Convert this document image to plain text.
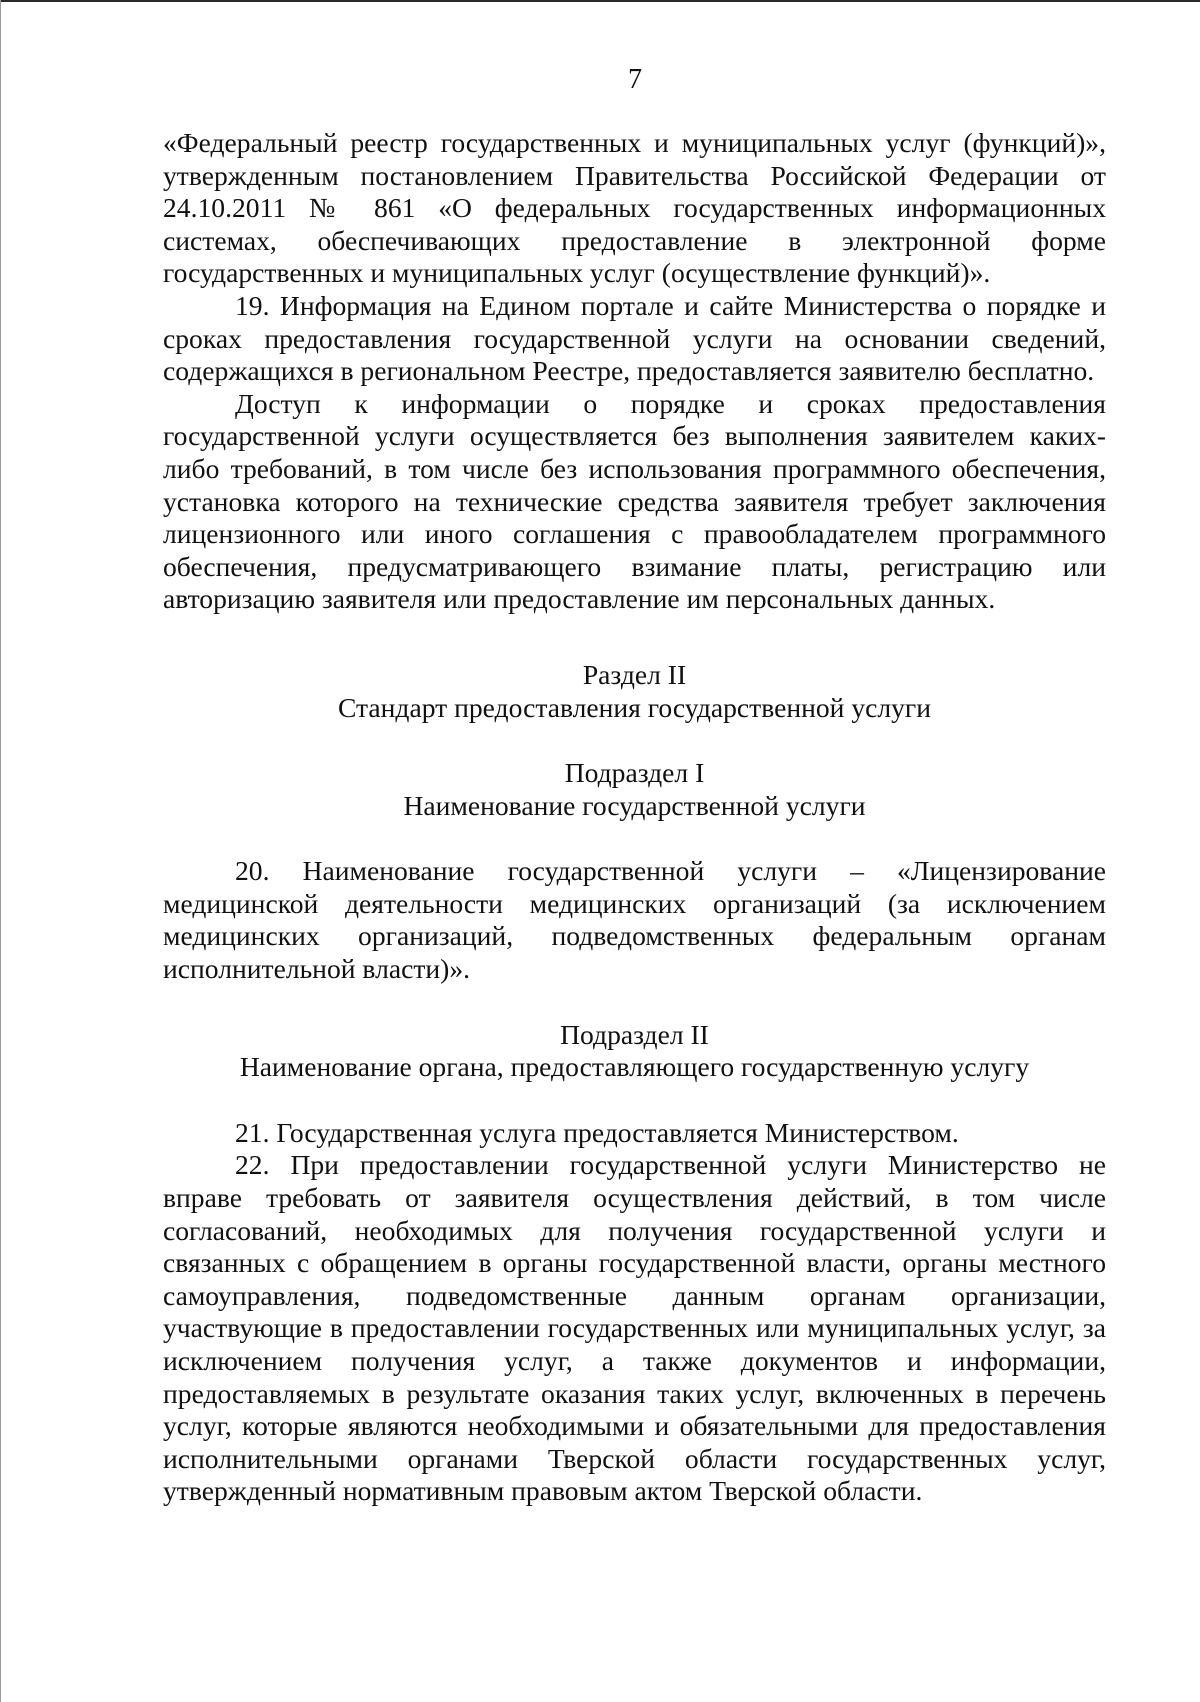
7

«Федеральный реестр государственных и муниципальных услуг (функций)», утвержденным постановлением Правительства Российской Федерации от 24.10.2011 № 861 «О федеральных государственных информационных системах, обеспечивающих предоставление в электронной форме государственных и муниципальных услуг (осуществление функций)».

19. Информация на Едином портале и сайте Министерства о порядке и сроках предоставления государственной услуги на основании сведений, содержащихся в региональном Реестре, предоставляется заявителю бесплатно.

Доступ к информации о порядке и сроках предоставления государственной услуги осуществляется без выполнения заявителем каких-либо требований, в том числе без использования программного обеспечения, установка которого на технические средства заявителя требует заключения лицензионного или иного соглашения с правообладателем программного обеспечения, предусматривающего взимание платы, регистрацию или авторизацию заявителя или предоставление им персональных данных.

Раздел II

Стандарт предоставления государственной услуги

Подраздел I

Наименование государственной услуги

20. Наименование государственной услуги – «Лицензирование медицинской деятельности медицинских организаций (за исключением медицинских организаций, подведомственных федеральным органам исполнительной власти)».

Подраздел II

Наименование органа, предоставляющего государственную услугу

21. Государственная услуга предоставляется Министерством.

22. При предоставлении государственной услуги Министерство не вправе требовать от заявителя осуществления действий, в том числе согласований, необходимых для получения государственной услуги и связанных с обращением в органы государственной власти, органы местного самоуправления, подведомственные данным органам организации, участвующие в предоставлении государственных или муниципальных услуг, за исключением получения услуг, а также документов и информации, предоставляемых в результате оказания таких услуг, включенных в перечень услуг, которые являются необходимыми и обязательными для предоставления исполнительными органами Тверской области государственных услуг, утвержденный нормативным правовым актом Тверской области.
